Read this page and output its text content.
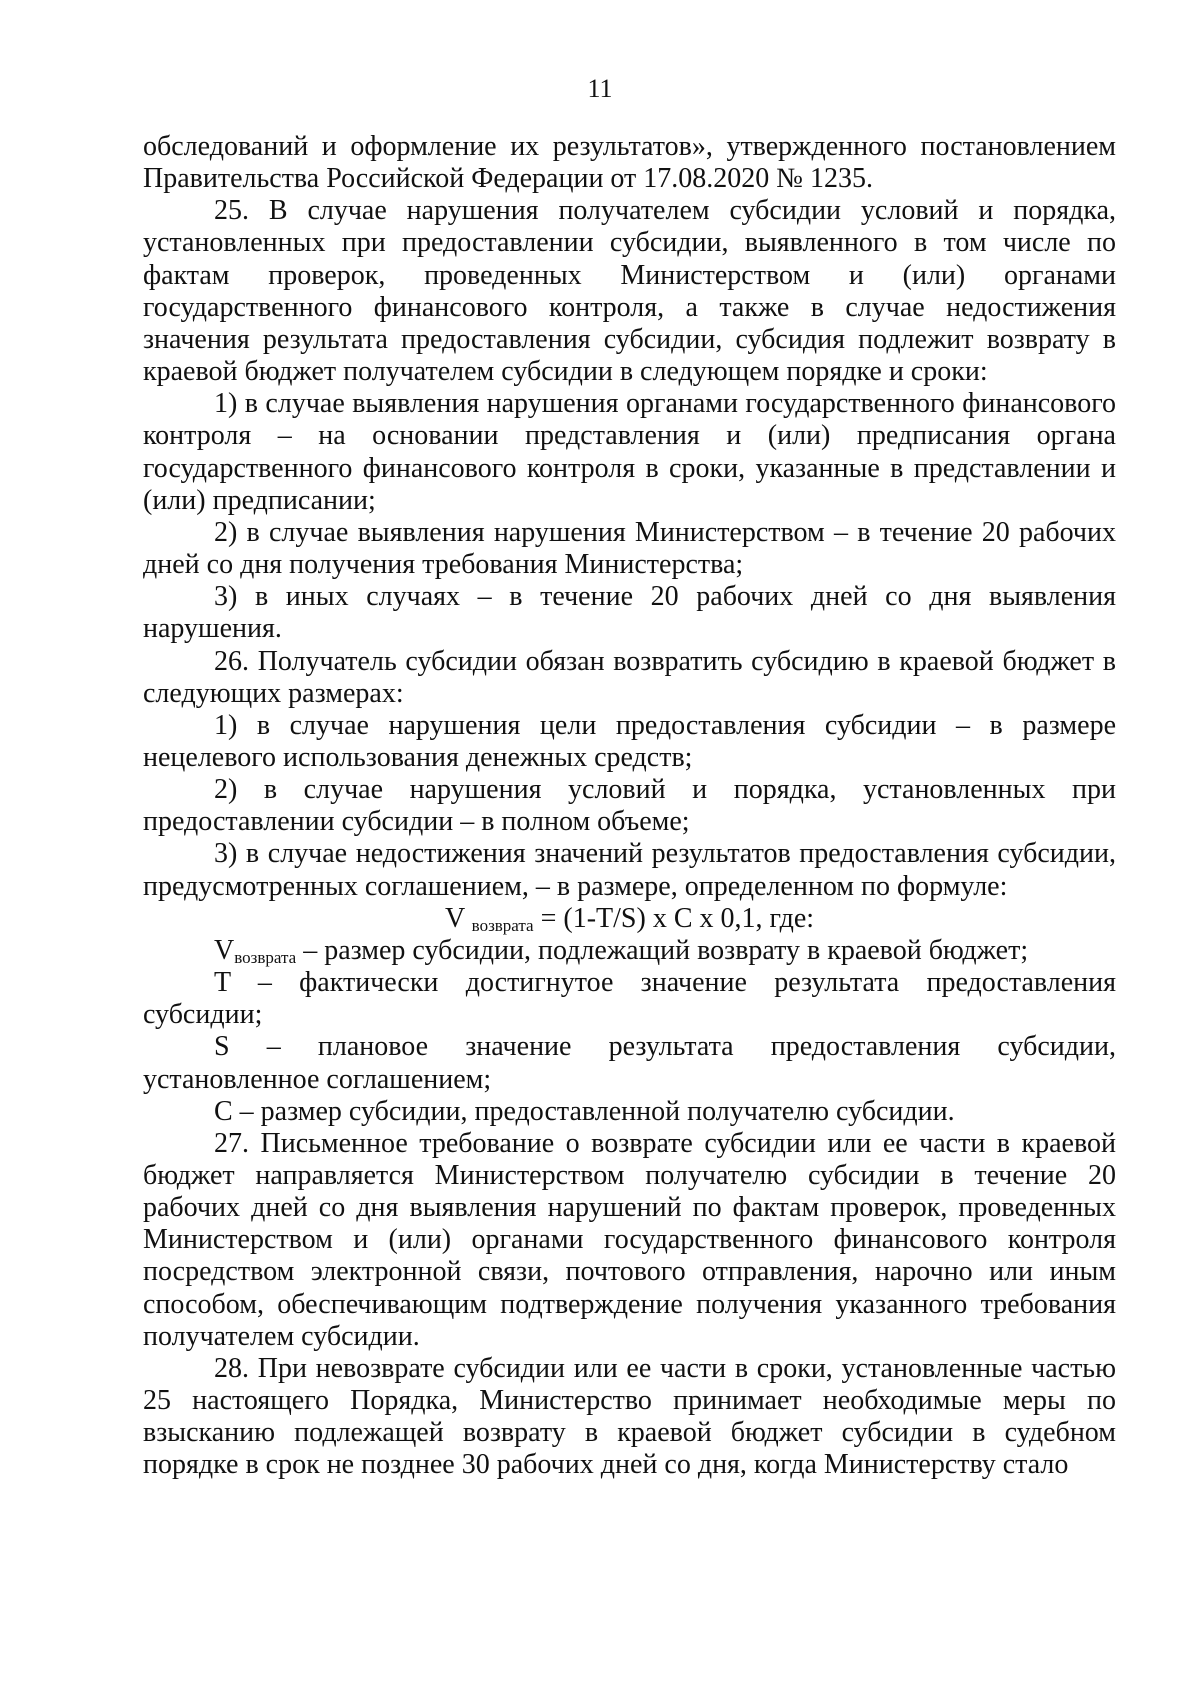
11

обследований и оформление их результатов», утвержденного постановлением Правительства Российской Федерации от 17.08.2020 № 1235.

25. В случае нарушения получателем субсидии условий и порядка, установленных при предоставлении субсидии, выявленного в том числе по фактам проверок, проведенных Министерством и (или) органами государственного финансового контроля, а также в случае недостижения значения результата предоставления субсидии, субсидия подлежит возврату в краевой бюджет получателем субсидии в следующем порядке и сроки:

1) в случае выявления нарушения органами государственного финансового контроля – на основании представления и (или) предписания органа государственного финансового контроля в сроки, указанные в представлении и (или) предписании;

2) в случае выявления нарушения Министерством – в течение 20 рабочих дней со дня получения требования Министерства;

3) в иных случаях – в течение 20 рабочих дней со дня выявления нарушения.

26. Получатель субсидии обязан возвратить субсидию в краевой бюджет в следующих размерах:

1) в случае нарушения цели предоставления субсидии – в размере нецелевого использования денежных средств;

2) в случае нарушения условий и порядка, установленных при предоставлении субсидии – в полном объеме;

3) в случае недостижения значений результатов предоставления субсидии, предусмотренных соглашением, – в размере, определенном по формуле:

V $_{возврата}$ = (1-T/S) x C x 0,1, где:

$V_{возврата}$ – размер субсидии, подлежащий возврату в краевой бюджет;

T – фактически достигнутое значение результата предоставления субсидии;

S – плановое значение результата предоставления субсидии, установленное соглашением;

C – размер субсидии, предоставленной получателю субсидии.

27. Письменное требование о возврате субсидии или ее части в краевой бюджет направляется Министерством получателю субсидии в течение 20 рабочих дней со дня выявления нарушений по фактам проверок, проведенных Министерством и (или) органами государственного финансового контроля посредством электронной связи, почтового отправления, нарочно или иным способом, обеспечивающим подтверждение получения указанного требования получателем субсидии.

28. При невозврате субсидии или ее части в сроки, установленные частью 25 настоящего Порядка, Министерство принимает необходимые меры по взысканию подлежащей возврату в краевой бюджет субсидии в судебном порядке в срок не позднее 30 рабочих дней со дня, когда Министерству стало
